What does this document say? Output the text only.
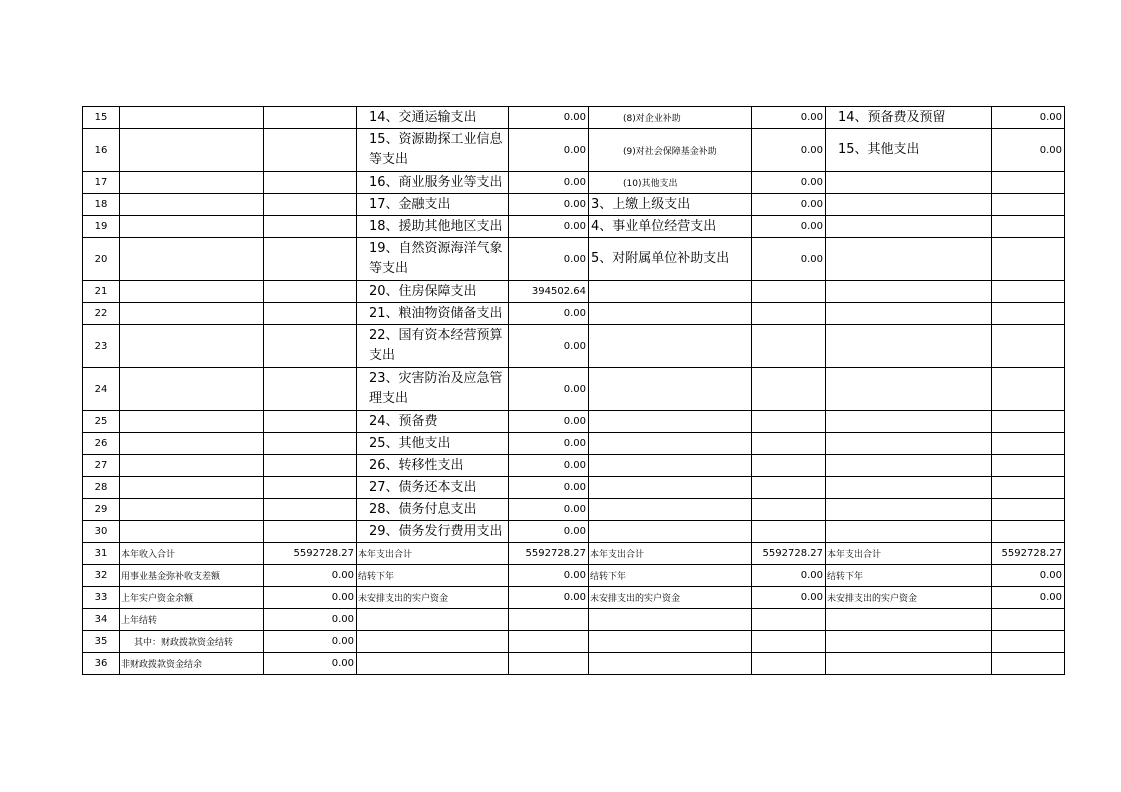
15			14、交通运输支出	0.00	(8)对企业补助	0.00	14、预备费及预留	0.00
16			15、资源勘探工业信息等支出	0.00	(9)对社会保障基金补助	0.00	15、其他支出	0.00
17			16、商业服务业等支出	0.00	(10)其他支出	0.00		
18			17、金融支出	0.00	3、上缴上级支出	0.00		
19			18、援助其他地区支出	0.00	4、事业单位经营支出	0.00		
20			19、自然资源海洋气象等支出	0.00	5、对附属单位补助支出	0.00		
21			20、住房保障支出	394502.64				
22			21、粮油物资储备支出	0.00				
23			22、国有资本经营预算支出	0.00				
24			23、灾害防治及应急管理支出	0.00				
25			24、预备费	0.00				
26			25、其他支出	0.00				
27			26、转移性支出	0.00				
28			27、债务还本支出	0.00				
29			28、债务付息支出	0.00				
30			29、债务发行费用支出	0.00				
31	本年收入合计	5592728.27	本年支出合计	5592728.27	本年支出合计	5592728.27	本年支出合计	5592728.27
32	用事业基金弥补收支差额	0.00	结转下年	0.00	结转下年	0.00	结转下年	0.00
33	上年实户资金余额	0.00	未安排支出的实户资金	0.00	未安排支出的实户资金	0.00	未安排支出的实户资金	0.00
34	上年结转	0.00						
35	其中：财政拨款资金结转	0.00						
36	非财政拨款资金结余	0.00						
